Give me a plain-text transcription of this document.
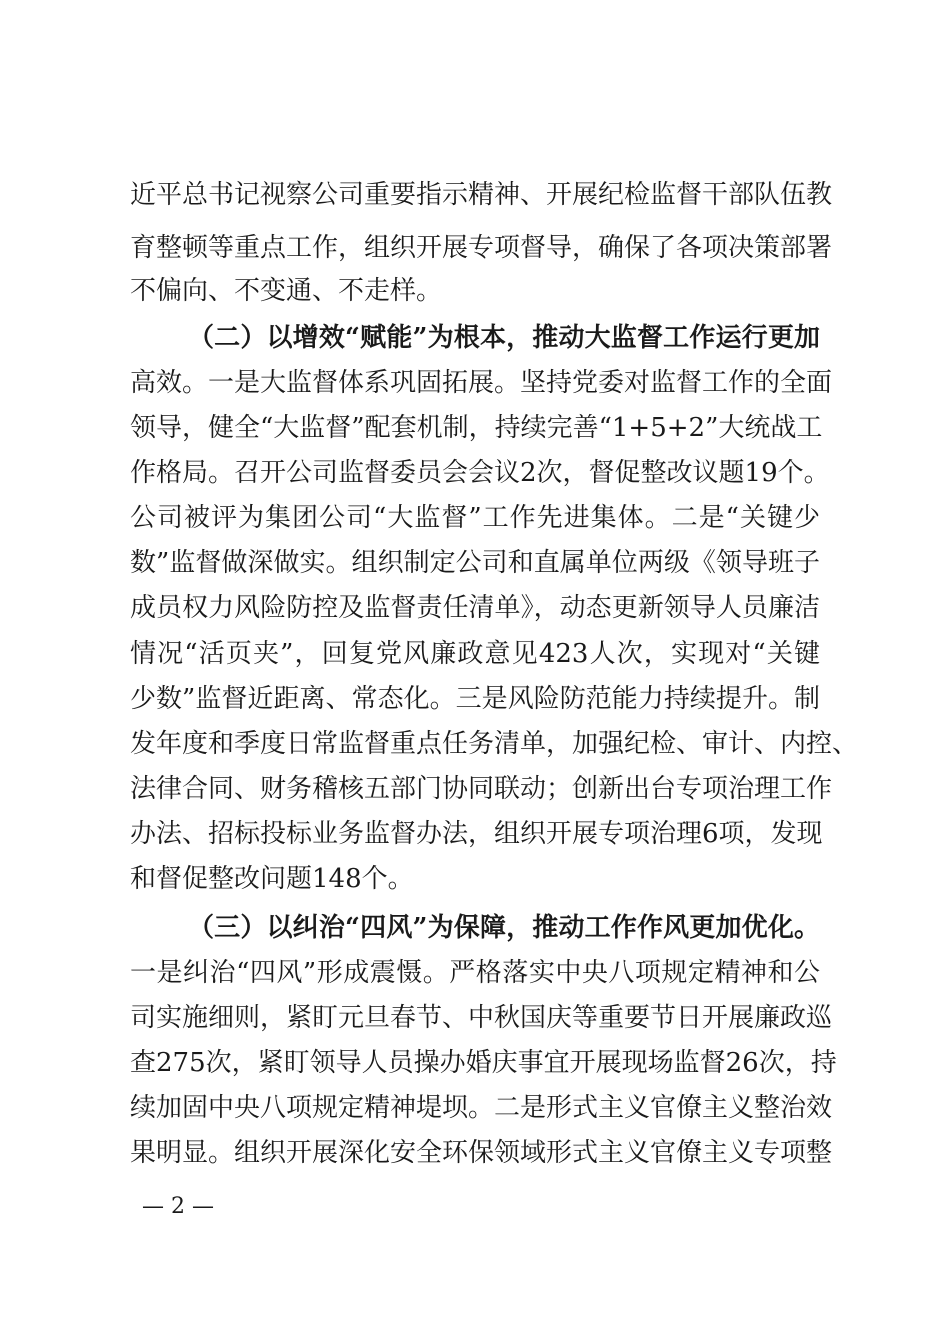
近平总书记视察公司重要指示精神、开展纪检监督干部队伍教
育整顿等重点工作，组织开展专项督导，确保了各项决策部署
不偏向、不变通、不走样。
（二）以增效“赋能”为根本，推动大监督工作运行更加
高效。一是大监督体系巩固拓展。坚持党委对监督工作的全面
领导，健全“大监督”配套机制，持续完善“1+5+2”大统战工
作格局。召开公司监督委员会会议2次，督促整改议题19个。
公司被评为集团公司“大监督”工作先进集体。二是“关键少
数”监督做深做实。组织制定公司和直属单位两级《领导班子
成员权力风险防控及监督责任清单》，动态更新领导人员廉洁
情况“活页夹”，回复党风廉政意见423人次，实现对“关键
少数”监督近距离、常态化。三是风险防范能力持续提升。制
发年度和季度日常监督重点任务清单，加强纪检、审计、内控、
法律合同、财务稽核五部门协同联动；创新出台专项治理工作
办法、招标投标业务监督办法，组织开展专项治理6项，发现
和督促整改问题148个。
（三）以纠治“四风”为保障，推动工作作风更加优化。
一是纠治“四风”形成震慑。严格落实中央八项规定精神和公
司实施细则，紧盯元旦春节、中秋国庆等重要节日开展廉政巡
查275次，紧盯领导人员操办婚庆事宜开展现场监督26次，持
续加固中央八项规定精神堤坝。二是形式主义官僚主义整治效
果明显。组织开展深化安全环保领域形式主义官僚主义专项整
— 2 —
